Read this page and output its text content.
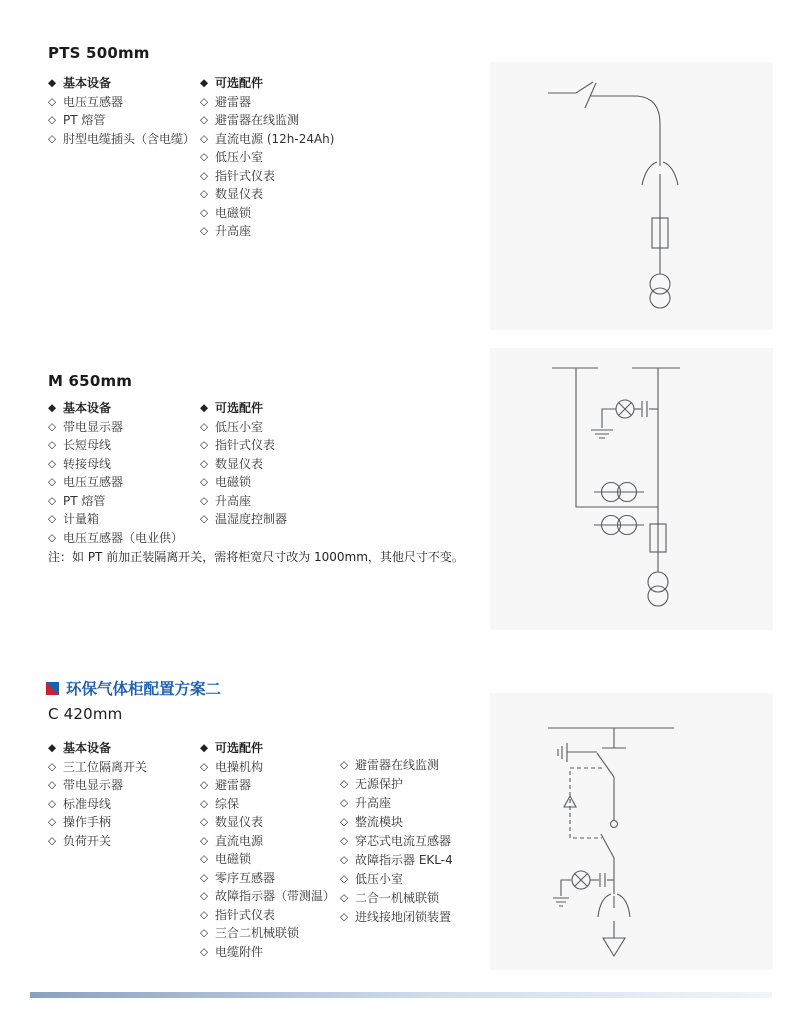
PTS 500mm
◆ 基本设备
◇ 电压互感器
◇ PT 熔管
◇ 肘型电缆插头（含电缆）
◆ 可选配件
◇ 避雷器
◇ 避雷器在线监测
◇ 直流电源 (12h-24Ah)
◇ 低压小室
◇ 指针式仪表
◇ 数显仪表
◇ 电磁锁
◇ 升高座
M 650mm
◆ 基本设备
◇ 带电显示器
◇ 长短母线
◇ 转接母线
◇ 电压互感器
◇ PT 熔管
◇ 计量箱
◇ 电压互感器（电业供）
◆ 可选配件
◇ 低压小室
◇ 指针式仪表
◇ 数显仪表
◇ 电磁锁
◇ 升高座
◇ 温湿度控制器
注：如 PT 前加正装隔离开关，需将柜宽尺寸改为 1000mm，其他尺寸不变。
环保气体柜配置方案二
C 420mm
◆ 基本设备
◇ 三工位隔离开关
◇ 带电显示器
◇ 标准母线
◇ 操作手柄
◇ 负荷开关
◆ 可选配件
◇ 电操机构
◇ 避雷器
◇ 综保
◇ 数显仪表
◇ 直流电源
◇ 电磁锁
◇ 零序互感器
◇ 故障指示器（带测温）
◇ 指针式仪表
◇ 三合二机械联锁
◇ 电缆附件
◇ 避雷器在线监测
◇ 无源保护
◇ 升高座
◇ 整流模块
◇ 穿芯式电流互感器
◇ 故障指示器 EKL-4
◇ 低压小室
◇ 二合一机械联锁
◇ 进线接地闭锁装置
